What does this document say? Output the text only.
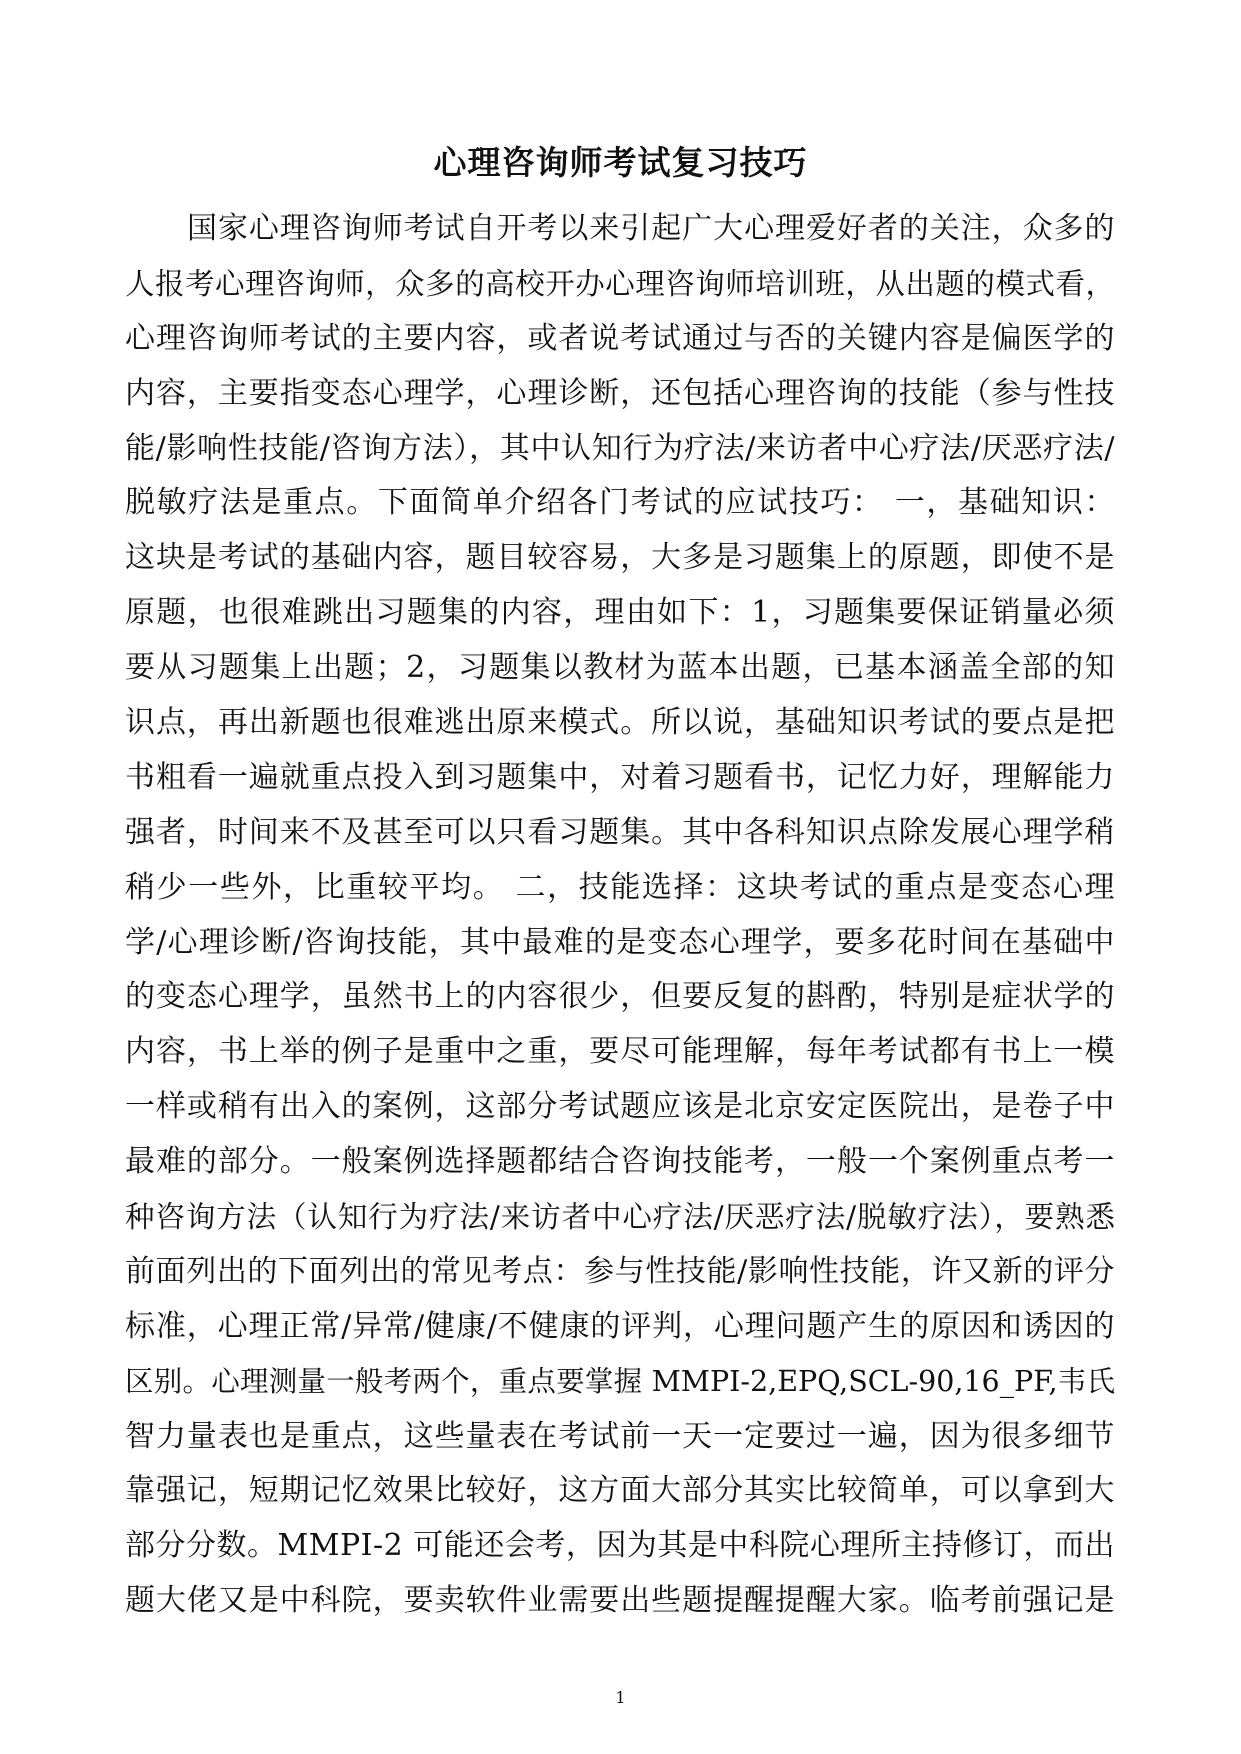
心理咨询师考试复习技巧
国家心理咨询师考试自开考以来引起广大心理爱好者的关注，众多的
人报考心理咨询师，众多的高校开办心理咨询师培训班，从出题的模式看，
心理咨询师考试的主要内容，或者说考试通过与否的关键内容是偏医学的
内容，主要指变态心理学，心理诊断，还包括心理咨询的技能（参与性技
能/影响性技能/咨询方法），其中认知行为疗法/来访者中心疗法/厌恶疗法/
脱敏疗法是重点。下面简单介绍各门考试的应试技巧： 一，基础知识：
这块是考试的基础内容，题目较容易，大多是习题集上的原题，即使不是
原题，也很难跳出习题集的内容，理由如下：1，习题集要保证销量必须
要从习题集上出题；2，习题集以教材为蓝本出题，已基本涵盖全部的知
识点，再出新题也很难逃出原来模式。所以说，基础知识考试的要点是把
书粗看一遍就重点投入到习题集中，对着习题看书，记忆力好，理解能力
强者，时间来不及甚至可以只看习题集。其中各科知识点除发展心理学稍
稍少一些外，比重较平均。 二，技能选择：这块考试的重点是变态心理
学/心理诊断/咨询技能，其中最难的是变态心理学，要多花时间在基础中
的变态心理学，虽然书上的内容很少，但要反复的斟酌，特别是症状学的
内容，书上举的例子是重中之重，要尽可能理解，每年考试都有书上一模
一样或稍有出入的案例，这部分考试题应该是北京安定医院出，是卷子中
最难的部分。一般案例选择题都结合咨询技能考，一般一个案例重点考一
种咨询方法（认知行为疗法/来访者中心疗法/厌恶疗法/脱敏疗法），要熟悉
前面列出的下面列出的常见考点：参与性技能/影响性技能，许又新的评分
标准，心理正常/异常/健康/不健康的评判，心理问题产生的原因和诱因的
区别。心理测量一般考两个，重点要掌握 MMPI-2,EPQ,SCL-90,16_PF,韦氏
智力量表也是重点，这些量表在考试前一天一定要过一遍，因为很多细节
靠强记，短期记忆效果比较好，这方面大部分其实比较简单，可以拿到大
部分分数。MMPI-2 可能还会考，因为其是中科院心理所主持修订，而出
题大佬又是中科院，要卖软件业需要出些题提醒提醒大家。临考前强记是
1
